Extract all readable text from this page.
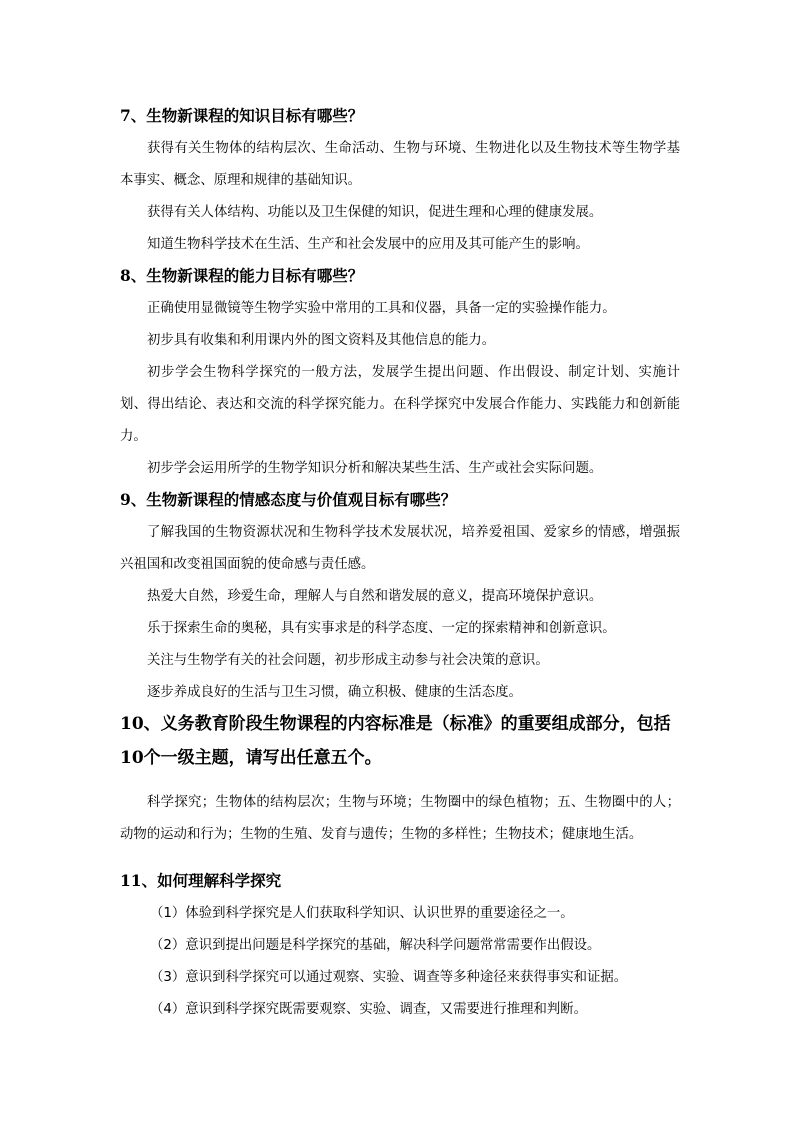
7、生物新课程的知识目标有哪些？

获得有关生物体的结构层次、生命活动、生物与环境、生物进化以及生物技术等生物学基本事实、概念、原理和规律的基础知识。

获得有关人体结构、功能以及卫生保健的知识，促进生理和心理的健康发展。

知道生物科学技术在生活、生产和社会发展中的应用及其可能产生的影响。

8、生物新课程的能力目标有哪些？

正确使用显微镜等生物学实验中常用的工具和仪器，具备一定的实验操作能力。

初步具有收集和利用课内外的图文资料及其他信息的能力。

初步学会生物科学探究的一般方法，发展学生提出问题、作出假设、制定计划、实施计划、得出结论、表达和交流的科学探究能力。在科学探究中发展合作能力、实践能力和创新能力。

初步学会运用所学的生物学知识分析和解决某些生活、生产或社会实际问题。

9、生物新课程的情感态度与价值观目标有哪些？

了解我国的生物资源状况和生物科学技术发展状况，培养爱祖国、爱家乡的情感，增强振兴祖国和改变祖国面貌的使命感与责任感。

热爱大自然，珍爱生命，理解人与自然和谐发展的意义，提高环境保护意识。

乐于探索生命的奥秘，具有实事求是的科学态度、一定的探索精神和创新意识。

关注与生物学有关的社会问题，初步形成主动参与社会决策的意识。

逐步养成良好的生活与卫生习惯，确立积极、健康的生活态度。

10、义务教育阶段生物课程的内容标准是（标准》的重要组成部分，包括10个一级主题，请写出任意五个。

科学探究；生物体的结构层次；生物与环境；生物圈中的绿色植物；五、生物圈中的人；动物的运动和行为；生物的生殖、发育与遗传；生物的多样性；生物技术；健康地生活。

11、如何理解科学探究

（1）体验到科学探究是人们获取科学知识、认识世界的重要途径之一。

（2）意识到提出问题是科学探究的基础，解决科学问题常常需要作出假设。

（3）意识到科学探究可以通过观察、实验、调查等多种途径来获得事实和证据。

（4）意识到科学探究既需要观察、实验、调查，又需要进行推理和判断。
